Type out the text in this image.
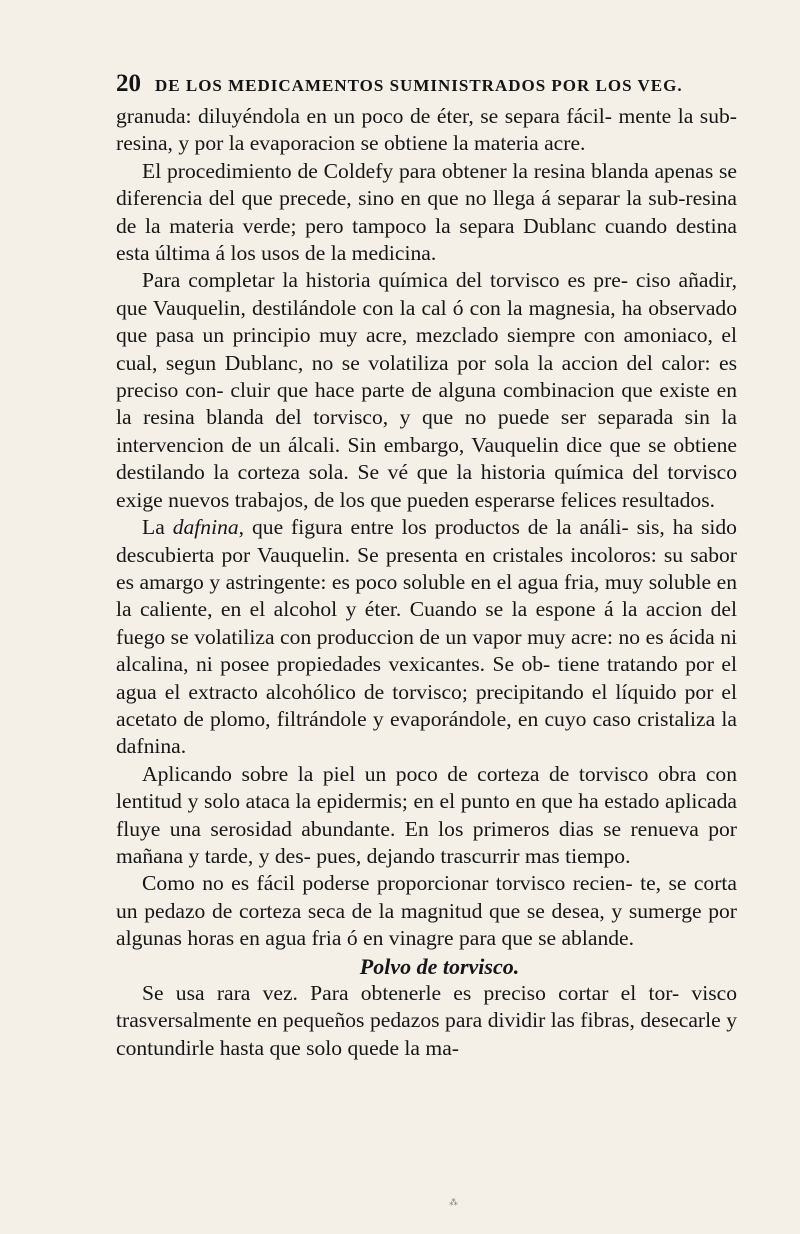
20 DE LOS MEDICAMENTOS SUMINISTRADOS POR LOS VEG.

granuda: diluyéndola en un poco de éter, se separa fácil- mente la sub-resina, y por la evaporacion se obtiene la materia acre.

El procedimiento de Coldefy para obtener la resina blanda apenas se diferencia del que precede, sino en que no llega á separar la sub-resina de la materia verde; pero tampoco la separa Dublanc cuando destina esta última á los usos de la medicina.

Para completar la historia química del torvisco es pre- ciso añadir, que Vauquelin, destilándole con la cal ó con la magnesia, ha observado que pasa un principio muy acre, mezclado siempre con amoniaco, el cual, segun Dublanc, no se volatiliza por sola la accion del calor: es preciso con- cluir que hace parte de alguna combinacion que existe en la resina blanda del torvisco, y que no puede ser separada sin la intervencion de un álcali. Sin embargo, Vauquelin dice que se obtiene destilando la corteza sola. Se vé que la historia química del torvisco exige nuevos trabajos, de los que pueden esperarse felices resultados.

La dafnina, que figura entre los productos de la análi- sis, ha sido descubierta por Vauquelin. Se presenta en cristales incoloros: su sabor es amargo y astringente: es poco soluble en el agua fria, muy soluble en la caliente, en el alcohol y éter. Cuando se la espone á la accion del fuego se volatiliza con produccion de un vapor muy acre: no es ácida ni alcalina, ni posee propiedades vexicantes. Se ob- tiene tratando por el agua el extracto alcohólico de torvisco; precipitando el líquido por el acetato de plomo, filtrándole y evaporándole, en cuyo caso cristaliza la dafnina.

Aplicando sobre la piel un poco de corteza de torvisco obra con lentitud y solo ataca la epidermis; en el punto en que ha estado aplicada fluye una serosidad abundante. En los primeros dias se renueva por mañana y tarde, y des- pues, dejando trascurrir mas tiempo.

Como no es fácil poderse proporcionar torvisco recien- te, se corta un pedazo de corteza seca de la magnitud que se desea, y sumerge por algunas horas en agua fria ó en vinagre para que se ablande.

Polvo de torvisco.

Se usa rara vez. Para obtenerle es preciso cortar el tor- visco trasversalmente en pequeños pedazos para dividir las fibras, desecarle y contundirle hasta que solo quede la ma-

⁂
